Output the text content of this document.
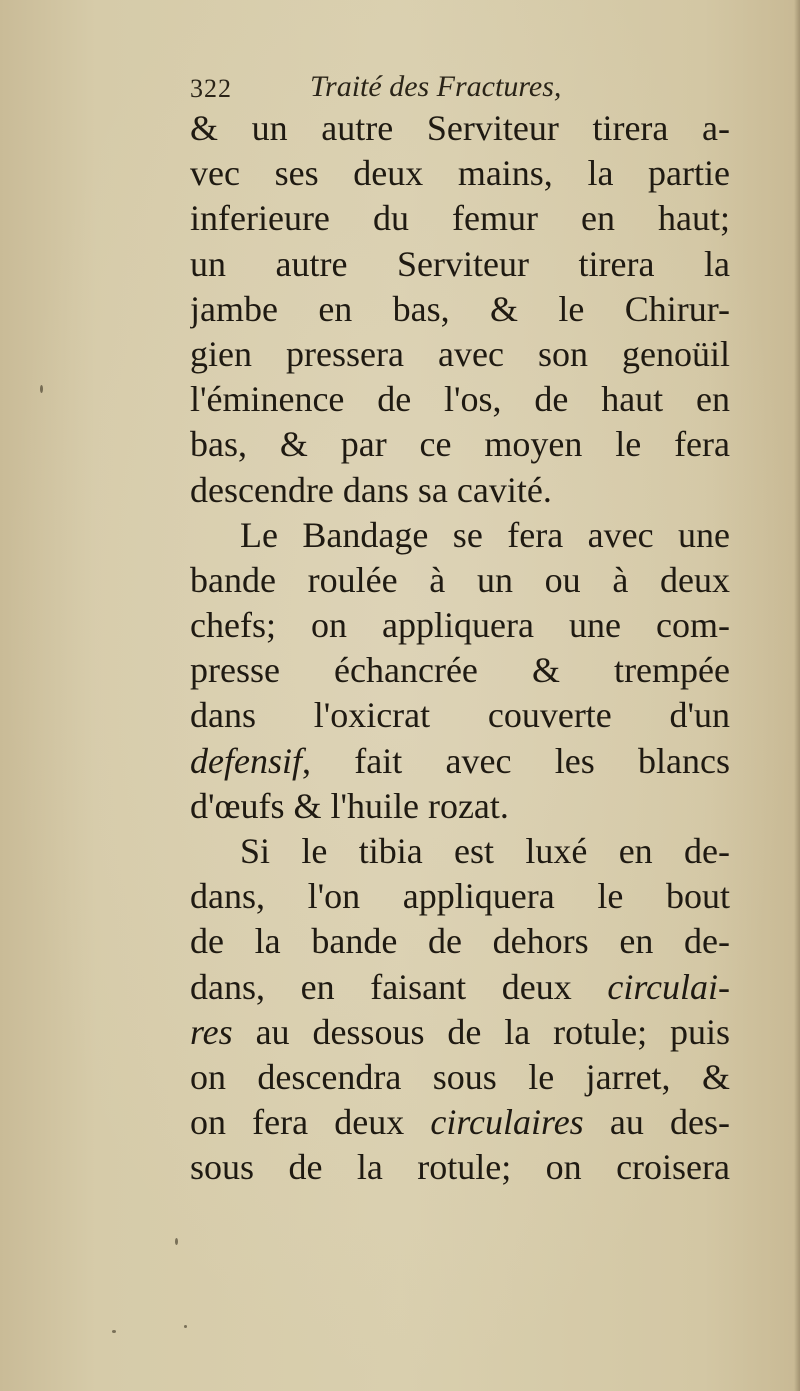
322	Traité des Fractures,
& un autre Serviteur tirera a-
vec ses deux mains, la partie
inferieure du femur en haut;
un autre Serviteur tirera la
jambe en bas, & le Chirur-
gien pressera avec son genoüil
l'éminence de l'os, de haut en
bas, & par ce moyen le fera
descendre dans sa cavité.
Le Bandage se fera avec une
bande roulée à un ou à deux
chefs; on appliquera une com-
presse échancrée & trempée
dans l'oxicrat couverte d'un
defensif, fait avec les blancs
d'œufs & l'huile rozat.
Si le tibia est luxé en de-
dans, l'on appliquera le bout
de la bande de dehors en de-
dans, en faisant deux circulai-
res au dessous de la rotule; puis
on descendra sous le jarret, &
on fera deux circulaires au des-
sous de la rotule; on croisera
